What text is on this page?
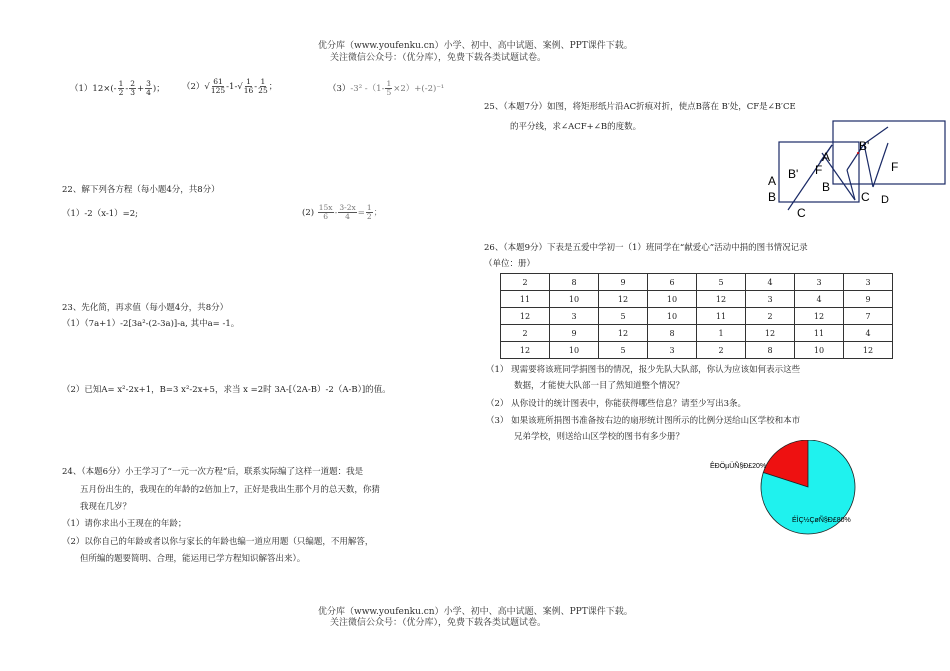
优分库（www.youfenku.cn）小学、初中、高中试题、案例、PPT课件下载。
关注微信公众号：（优分库），免费下载各类试题试卷。
$(1)12\times(- \frac{1}{2} - \frac{2}{3} + \frac{3}{4}$ )； $(2)√ \frac{61}{125} -1-√ \frac{1}{16} - \frac{1}{25}$ ；	（3）-3² $-(1- \frac{1}{5} \times 2)+(-2)^{-1}$
22、解下列各方程（每小题4分，共8分）
（1）-2（x-1）=2;	$(2) \frac{15x}{6} - \frac{3-2x}{4} = \frac{1}{2}$ ；
23、先化简，再求值（每小题4分，共8分）
（1）（7a+1）-2[3a²-(2-3a)]-a, 其中a= -1。
（2）已知A= x²-2x+1，B=3 x²-2x+5，求当 x =2时 3A-[（2A-B）-2（A-B）]的值。
24、（本题6分）小王学习了“一元一次方程”后，联系实际编了这样一道题：我是
五月份出生的，我现在的年龄的2倍加上7，正好是我出生那个月的总天数，你猜
我现在几岁？
（1）请你求出小王现在的年龄；
（2）以你自己的年龄或者以你与家长的年龄也编一道应用题（只编题，不用解答，
但所编的题要简明、合理，能运用已学方程知识解答出来）。
25、（本题7分）如图，将矩形纸片沿AC折痕对折，使点B落在 B′处，CF是∠B′CE
的平分线，求∠ACF+∠B的度数。
A
B
C
B' F
A
B
B'
F
C D
26、（本题9分）下表是五爱中学初一（1）班同学在“献爱心”活动中捐的图书情况记录
（单位：册）
2	8	9	6	5	4	3	3
11	10	12	10	12	3	4	9
12	3	5	10	11	2	12	7
2	9	12	8	1	12	11	4
12	10	5	3	2	8	10	12
（1） 现需要将该班同学捐图书的情况，报少先队大队部，你认为应该如何表示这些
数据，才能使大队部一目了然知道整个情况？
（2） 从你设计的统计图表中，你能获得哪些信息？请至少写出3条。
（3） 如果该班所捐图书准备按右边的扇形统计图所示的比例分送给山区学校和本市
兄弟学校，则送给山区学校的图书有多少册？
ÊÐÖµÜÑ§Ð£20%
ÉÌÇ½ÇøÑ§Ð£80%
优分库（www.youfenku.cn）小学、初中、高中试题、案例、PPT课件下载。
关注微信公众号：（优分库），免费下载各类试题试卷。
